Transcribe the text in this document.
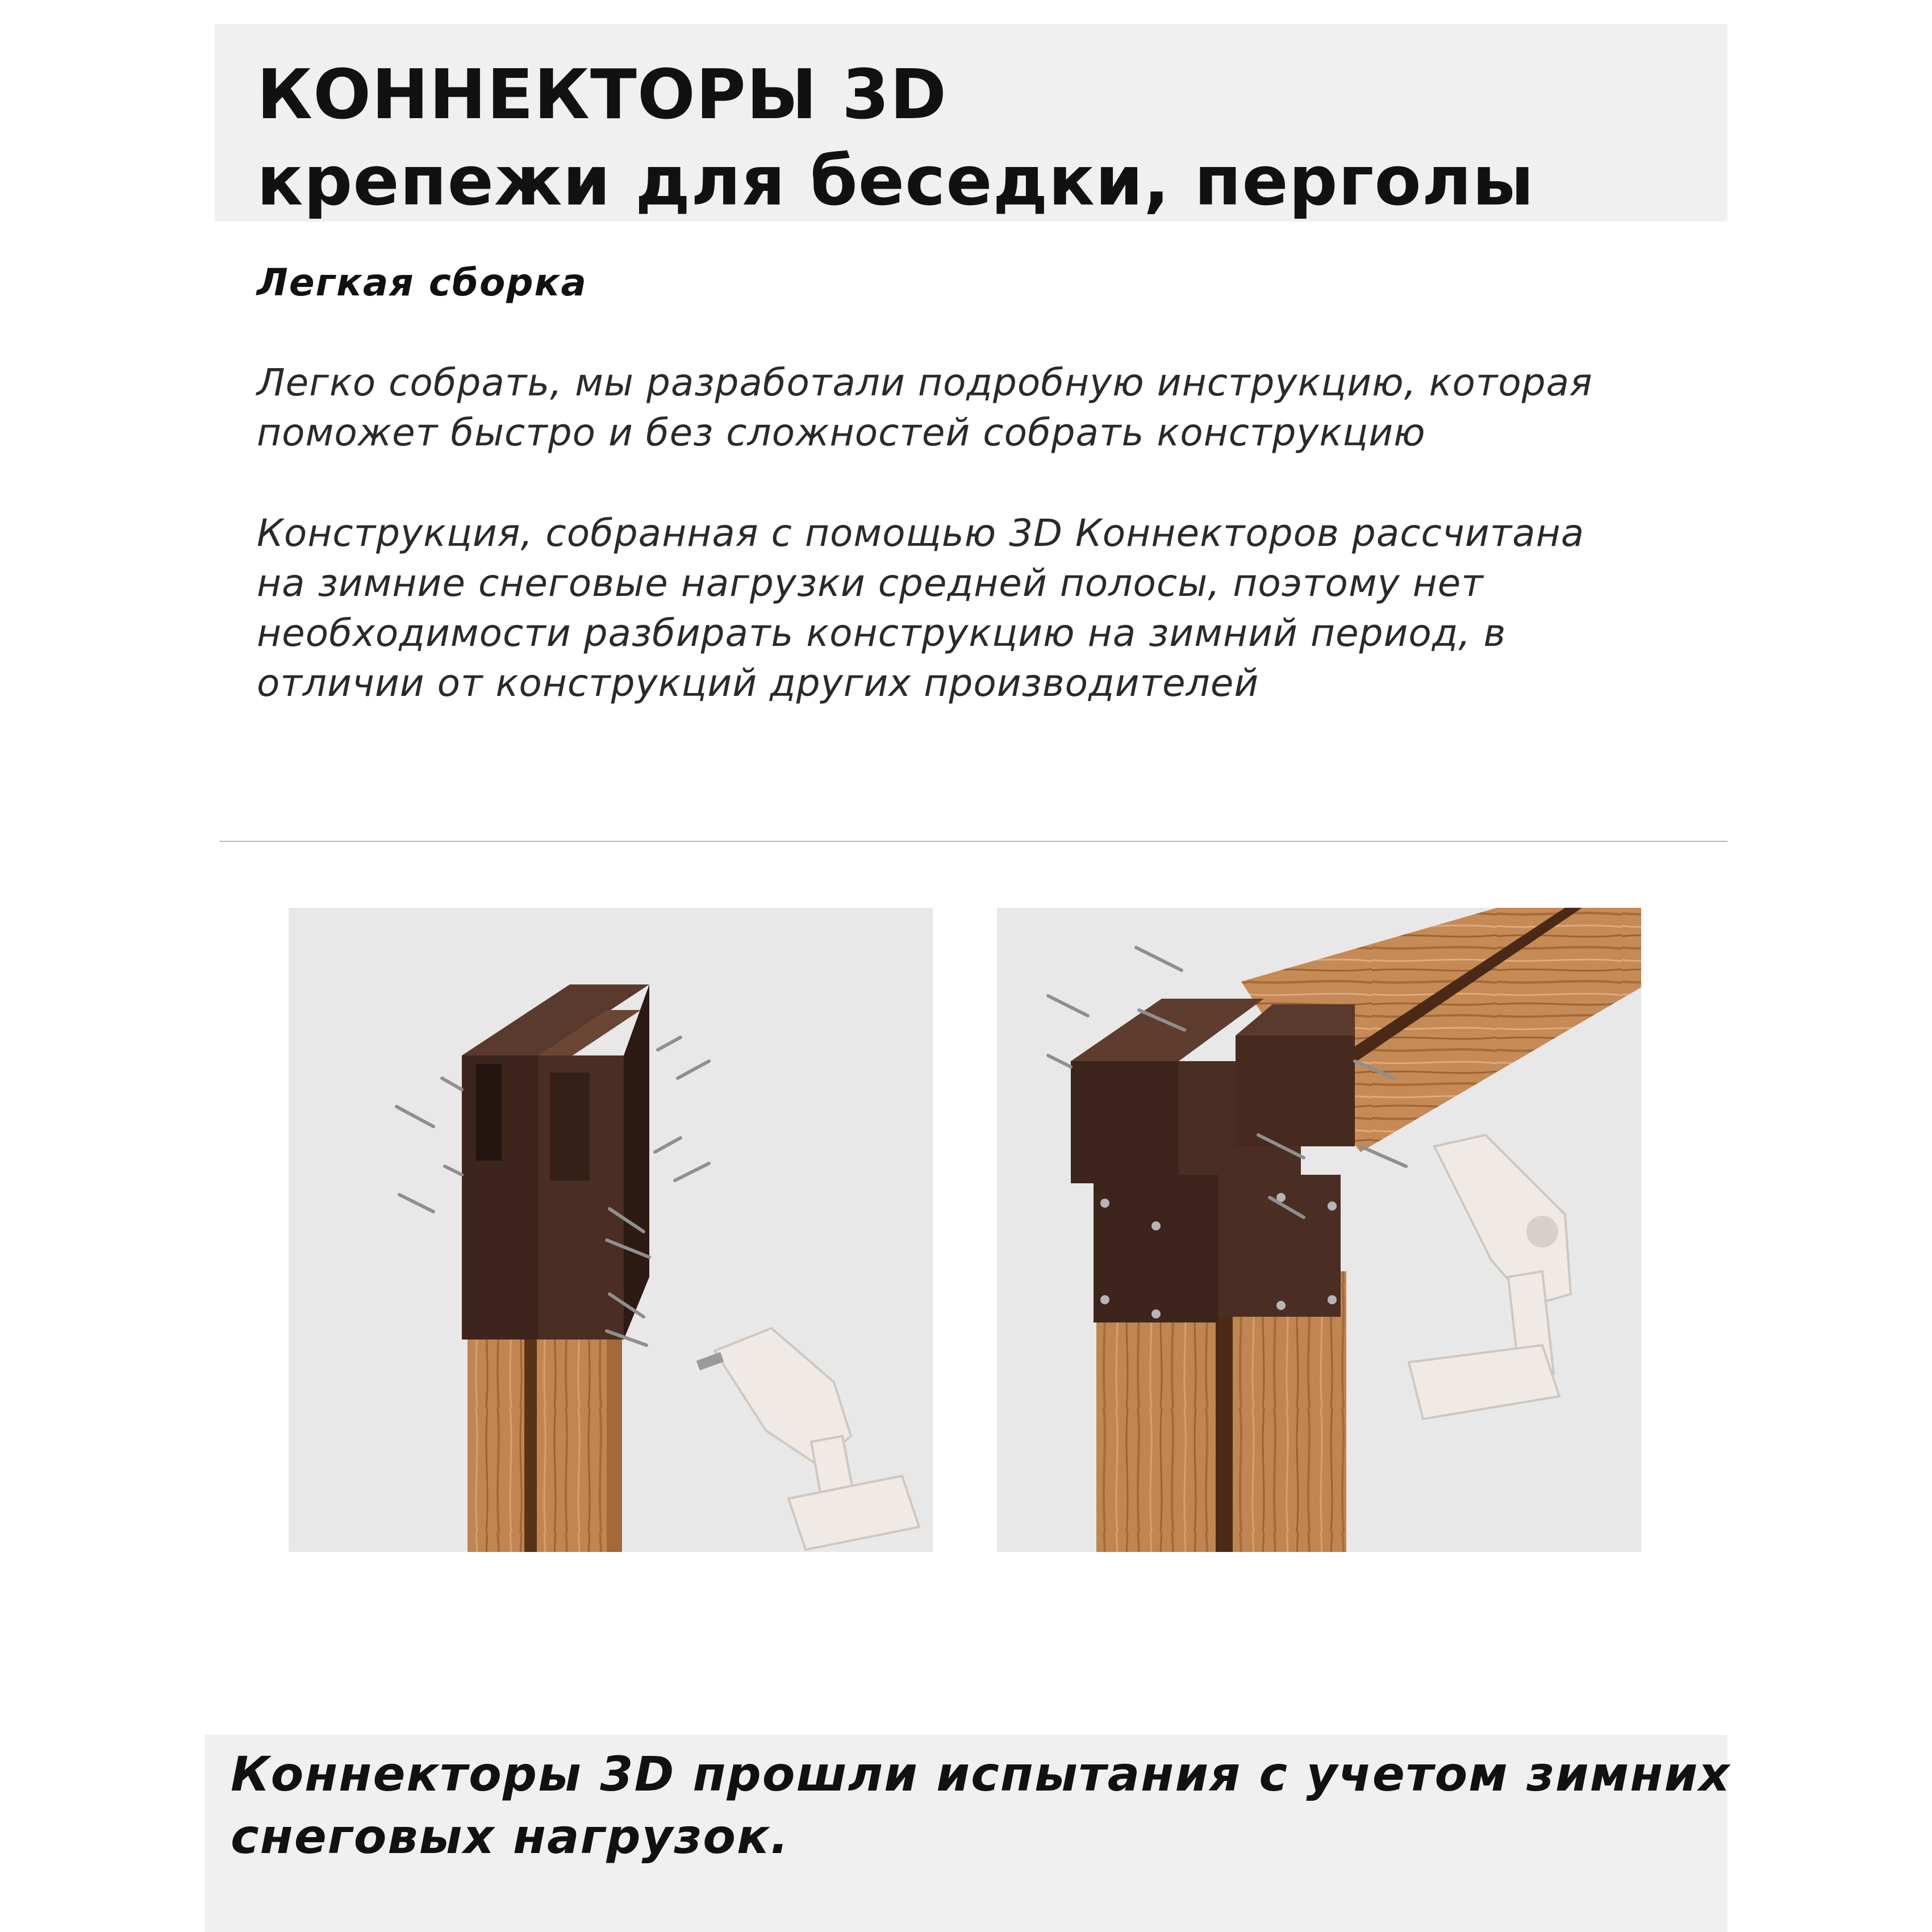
КОННЕКТОРЫ 3D
крепежи для беседки, перголы
Легкая сборка

Легко собрать, мы разработали подробную инструкцию, которая
поможет быстро и без сложностей собрать конструкцию

Конструкция, собранная с помощью 3D Коннекторов рассчитана
на зимние снеговые нагрузки средней полосы, поэтому нет
необходимости разбирать конструкцию на зимний период, в
отличии от конструкций других производителей

Коннекторы 3D прошли испытания с учетом зимних
снеговых нагрузок.
